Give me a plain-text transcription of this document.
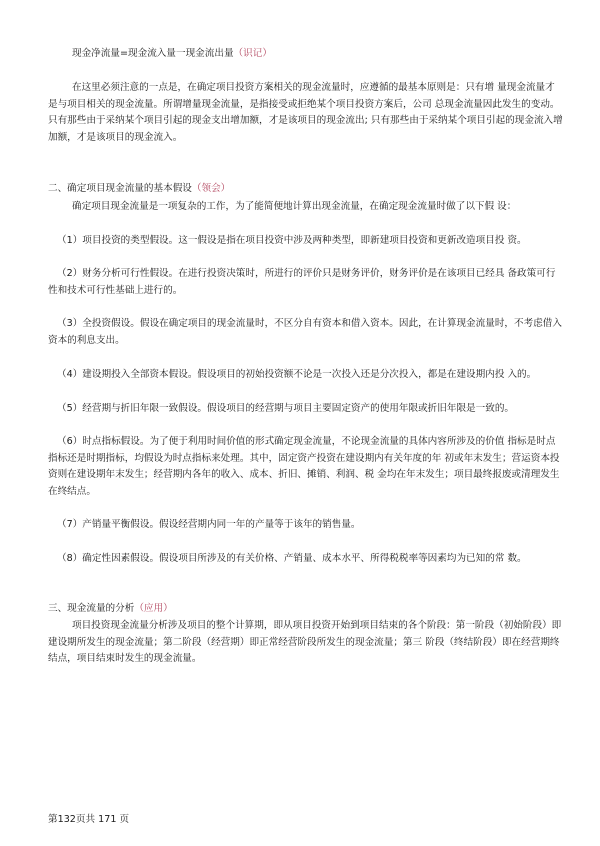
现金净流量=现金流入量一现金流出量（识记）

在这里必须注意的一点是，在确定项目投资方案相关的现金流量时，应遵循的最基本原则是：只有增 量现金流量才是与项目相关的现金流量。所谓增量现金流量，是指接受或拒绝某个项目投资方案后，公司 总现金流量因此发生的变动。只有那些由于采纳某个项目引起的现金支出增加额，才是该项目的现金流出; 只有那些由于采纳某个项目引起的现金流入增加额，才是该项目的现金流入。

二、确定项目现金流量的基本假设（领会）

确定项目现金流量是一项复杂的工作，为了能简便地计算出现金流量，在确定现金流量时做了以下假 设：

（1）项目投资的类型假设。这一假设是指在项目投资中涉及两种类型，即新建项目投资和更新改造项目投 资。

（2）财务分析可行性假设。在进行投资决策时，所进行的评价只是财务评价，财务评价是在该项目已经具 备政策可行性和技术可行性基础上进行的。

（3）全投资假设。假设在确定项目的现金流量时，不区分自有资本和借入资本。因此，在计算现金流量时，不考虑借入资本的利息支出。

（4）建设期投入全部资本假设。假设项目的初始投资额不论是一次投入还是分次投入，都是在建设期内投 入的。

（5）经营期与折旧年限一致假设。假设项目的经营期与项目主要固定资产的使用年限或折旧年限是一致的。

（6）时点指标假设。为了便于利用时间价值的形式确定现金流量，不论现金流量的具体内容所涉及的价值 指标是时点指标还是时期指标，均假设为时点指标来处理。其中，固定资产投资在建设期内有关年度的年 初或年末发生；营运资本投资则在建设期年末发生；经营期内各年的收入、成本、折旧、摊销、利润、税 金均在年末发生；项目最终报废或清理发生在终结点。

（7）产销量平衡假设。假设经营期内同一年的产量等于该年的销售量。

（8）确定性因素假设。假设项目所涉及的有关价格、产销量、成本水平、所得税税率等因素均为已知的常 数。

三、现金流量的分析（应用）

项目投资现金流量分析涉及项目的整个计算期，即从项目投资开始到项目结束的各个阶段：第一阶段（初始阶段）即建设期所发生的现金流量；第二阶段（经营期）即正常经营阶段所发生的现金流量；第三 阶段（终结阶段）即在经营期终结点，项目结束时发生的现金流量。

第132页共 171 页
